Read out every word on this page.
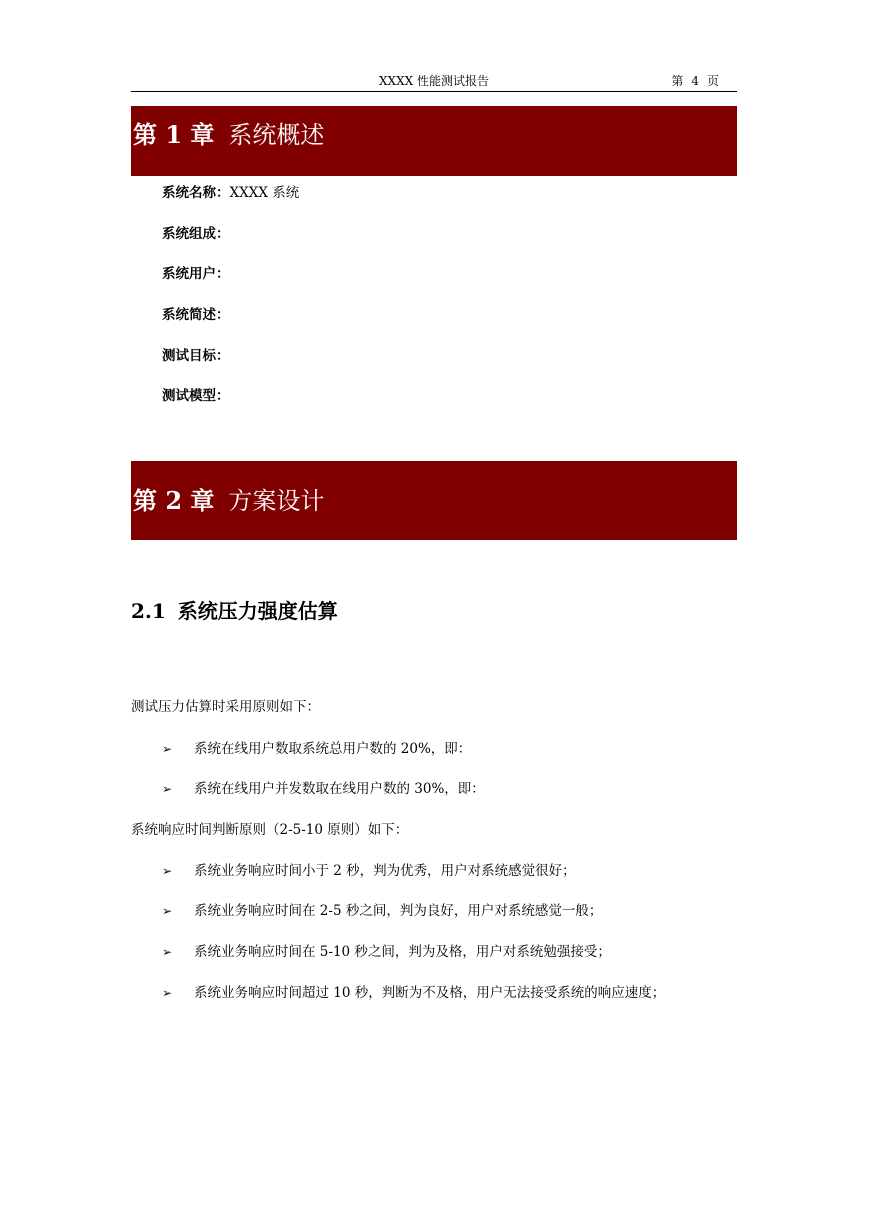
XXXX 性能测试报告	第 4 页
第 1 章 系统概述
系统名称：XXXX 系统
系统组成：
系统用户：
系统简述：
测试目标：
测试模型：
第 2 章 方案设计
2.1 系统压力强度估算
测试压力估算时采用原则如下：
➢ 系统在线用户数取系统总用户数的 20%，即：
➢ 系统在线用户并发数取在线用户数的 30%，即：
系统响应时间判断原则（2-5-10 原则）如下：
➢ 系统业务响应时间小于 2 秒，判为优秀，用户对系统感觉很好；
➢ 系统业务响应时间在 2-5 秒之间，判为良好，用户对系统感觉一般；
➢ 系统业务响应时间在 5-10 秒之间，判为及格，用户对系统勉强接受；
➢ 系统业务响应时间超过 10 秒，判断为不及格，用户无法接受系统的响应速度；
